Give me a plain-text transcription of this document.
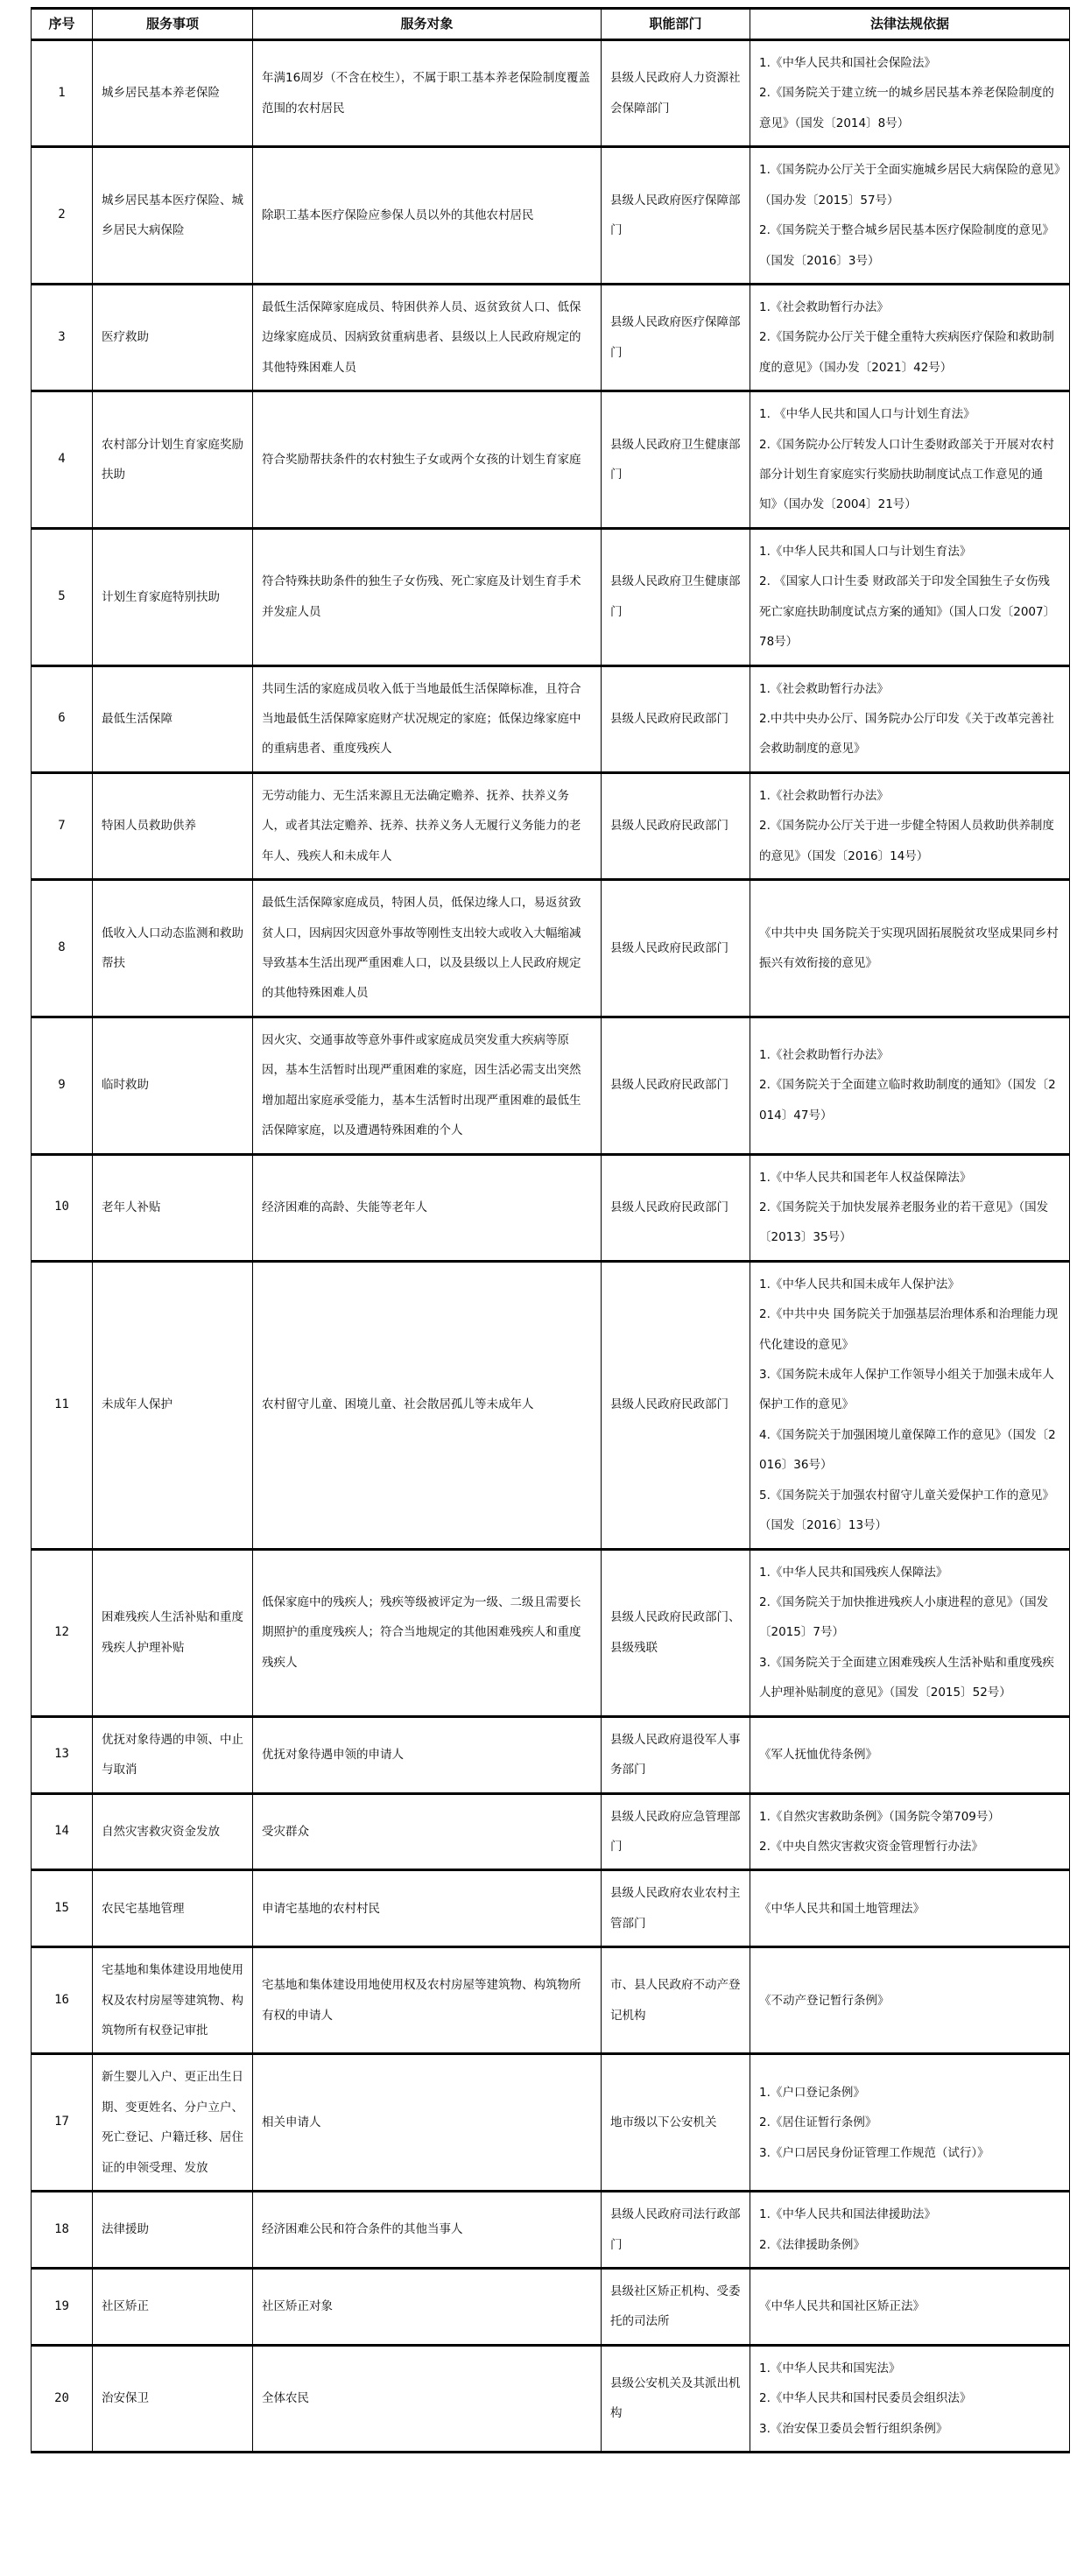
序号	服务事项	服务对象	职能部门	法律法规依据
1	城乡居民基本养老保险	年满16周岁（不含在校生），不属于职工基本养老保险制度覆盖范围的农村居民	县级人民政府人力资源社会保障部门	1.《中华人民共和国社会保险法》
2.《国务院关于建立统一的城乡居民基本养老保险制度的意见》（国发〔2014〕8号）

2	城乡居民基本医疗保险、城乡居民大病保险	除职工基本医疗保险应参保人员以外的其他农村居民	县级人民政府医疗保障部门	1.《国务院办公厅关于全面实施城乡居民大病保险的意见》（国办发〔2015〕57号）
2.《国务院关于整合城乡居民基本医疗保险制度的意见》（国发〔2016〕3号）

3	医疗救助	最低生活保障家庭成员、特困供养人员、返贫致贫人口、低保边缘家庭成员、因病致贫重病患者、县级以上人民政府规定的其他特殊困难人员	县级人民政府医疗保障部门	1.《社会救助暂行办法》
2.《国务院办公厅关于健全重特大疾病医疗保险和救助制度的意见》（国办发〔2021〕42号）

4	农村部分计划生育家庭奖励扶助	符合奖励帮扶条件的农村独生子女或两个女孩的计划生育家庭	县级人民政府卫生健康部门	1. 《中华人民共和国人口与计划生育法》
2.《国务院办公厅转发人口计生委财政部关于开展对农村部分计划生育家庭实行奖励扶助制度试点工作意见的通知》（国办发〔2004〕21号）

5	计划生育家庭特别扶助	符合特殊扶助条件的独生子女伤残、死亡家庭及计划生育手术并发症人员	县级人民政府卫生健康部门	1.《中华人民共和国人口与计划生育法》
2. 《国家人口计生委 财政部关于印发全国独生子女伤残死亡家庭扶助制度试点方案的通知》（国人口发〔2007〕78号）

6	最低生活保障	共同生活的家庭成员收入低于当地最低生活保障标准，且符合当地最低生活保障家庭财产状况规定的家庭；低保边缘家庭中的重病患者、重度残疾人	县级人民政府民政部门	1.《社会救助暂行办法》
2.中共中央办公厅、国务院办公厅印发《关于改革完善社会救助制度的意见》

7	特困人员救助供养	无劳动能力、无生活来源且无法确定赡养、抚养、扶养义务人，或者其法定赡养、抚养、扶养义务人无履行义务能力的老年人、残疾人和未成年人	县级人民政府民政部门	1.《社会救助暂行办法》
2.《国务院办公厅关于进一步健全特困人员救助供养制度的意见》（国发〔2016〕14号）

8	低收入人口动态监测和救助帮扶	最低生活保障家庭成员，特困人员，低保边缘人口，易返贫致贫人口，因病因灾因意外事故等刚性支出较大或收入大幅缩减导致基本生活出现严重困难人口，以及县级以上人民政府规定的其他特殊困难人员	县级人民政府民政部门	《中共中央 国务院关于实现巩固拓展脱贫攻坚成果同乡村振兴有效衔接的意见》

9	临时救助	因火灾、交通事故等意外事件或家庭成员突发重大疾病等原因，基本生活暂时出现严重困难的家庭，因生活必需支出突然增加超出家庭承受能力，基本生活暂时出现严重困难的最低生活保障家庭，以及遭遇特殊困难的个人	县级人民政府民政部门	1.《社会救助暂行办法》
2.《国务院关于全面建立临时救助制度的通知》（国发〔2014〕47号）

10	老年人补贴	经济困难的高龄、失能等老年人	县级人民政府民政部门	1.《中华人民共和国老年人权益保障法》
2.《国务院关于加快发展养老服务业的若干意见》（国发〔2013〕35号）

11	未成年人保护	农村留守儿童、困境儿童、社会散居孤儿等未成年人	县级人民政府民政部门	1.《中华人民共和国未成年人保护法》
2.《中共中央 国务院关于加强基层治理体系和治理能力现代化建设的意见》
3.《国务院未成年人保护工作领导小组关于加强未成年人保护工作的意见》
4.《国务院关于加强困境儿童保障工作的意见》（国发〔2016〕36号）
5.《国务院关于加强农村留守儿童关爱保护工作的意见》（国发〔2016〕13号）

12	困难残疾人生活补贴和重度残疾人护理补贴	低保家庭中的残疾人；残疾等级被评定为一级、二级且需要长期照护的重度残疾人；符合当地规定的其他困难残疾人和重度残疾人	县级人民政府民政部门、县级残联	1.《中华人民共和国残疾人保障法》
2.《国务院关于加快推进残疾人小康进程的意见》（国发〔2015〕7号）
3.《国务院关于全面建立困难残疾人生活补贴和重度残疾人护理补贴制度的意见》（国发〔2015〕52号）

13	优抚对象待遇的申领、中止与取消	优抚对象待遇申领的申请人	县级人民政府退役军人事务部门	《军人抚恤优待条例》

14	自然灾害救灾资金发放	受灾群众	县级人民政府应急管理部门	1.《自然灾害救助条例》（国务院令第709号）
2.《中央自然灾害救灾资金管理暂行办法》

15	农民宅基地管理	申请宅基地的农村村民	县级人民政府农业农村主管部门	《中华人民共和国土地管理法》

16	宅基地和集体建设用地使用权及农村房屋等建筑物、构筑物所有权登记审批	宅基地和集体建设用地使用权及农村房屋等建筑物、构筑物所有权的申请人	市、县人民政府不动产登记机构	《不动产登记暂行条例》

17	新生婴儿入户、更正出生日期、变更姓名、分户立户、死亡登记、户籍迁移、居住证的申领受理、发放	相关申请人	地市级以下公安机关	1.《户口登记条例》
2.《居住证暂行条例》
3.《户口居民身份证管理工作规范（试行）》

18	法律援助	经济困难公民和符合条件的其他当事人	县级人民政府司法行政部门	1.《中华人民共和国法律援助法》
2.《法律援助条例》

19	社区矫正	社区矫正对象	县级社区矫正机构、受委托的司法所	《中华人民共和国社区矫正法》

20	治安保卫	全体农民	县级公安机关及其派出机构	1.《中华人民共和国宪法》
2.《中华人民共和国村民委员会组织法》
3.《治安保卫委员会暂行组织条例》
